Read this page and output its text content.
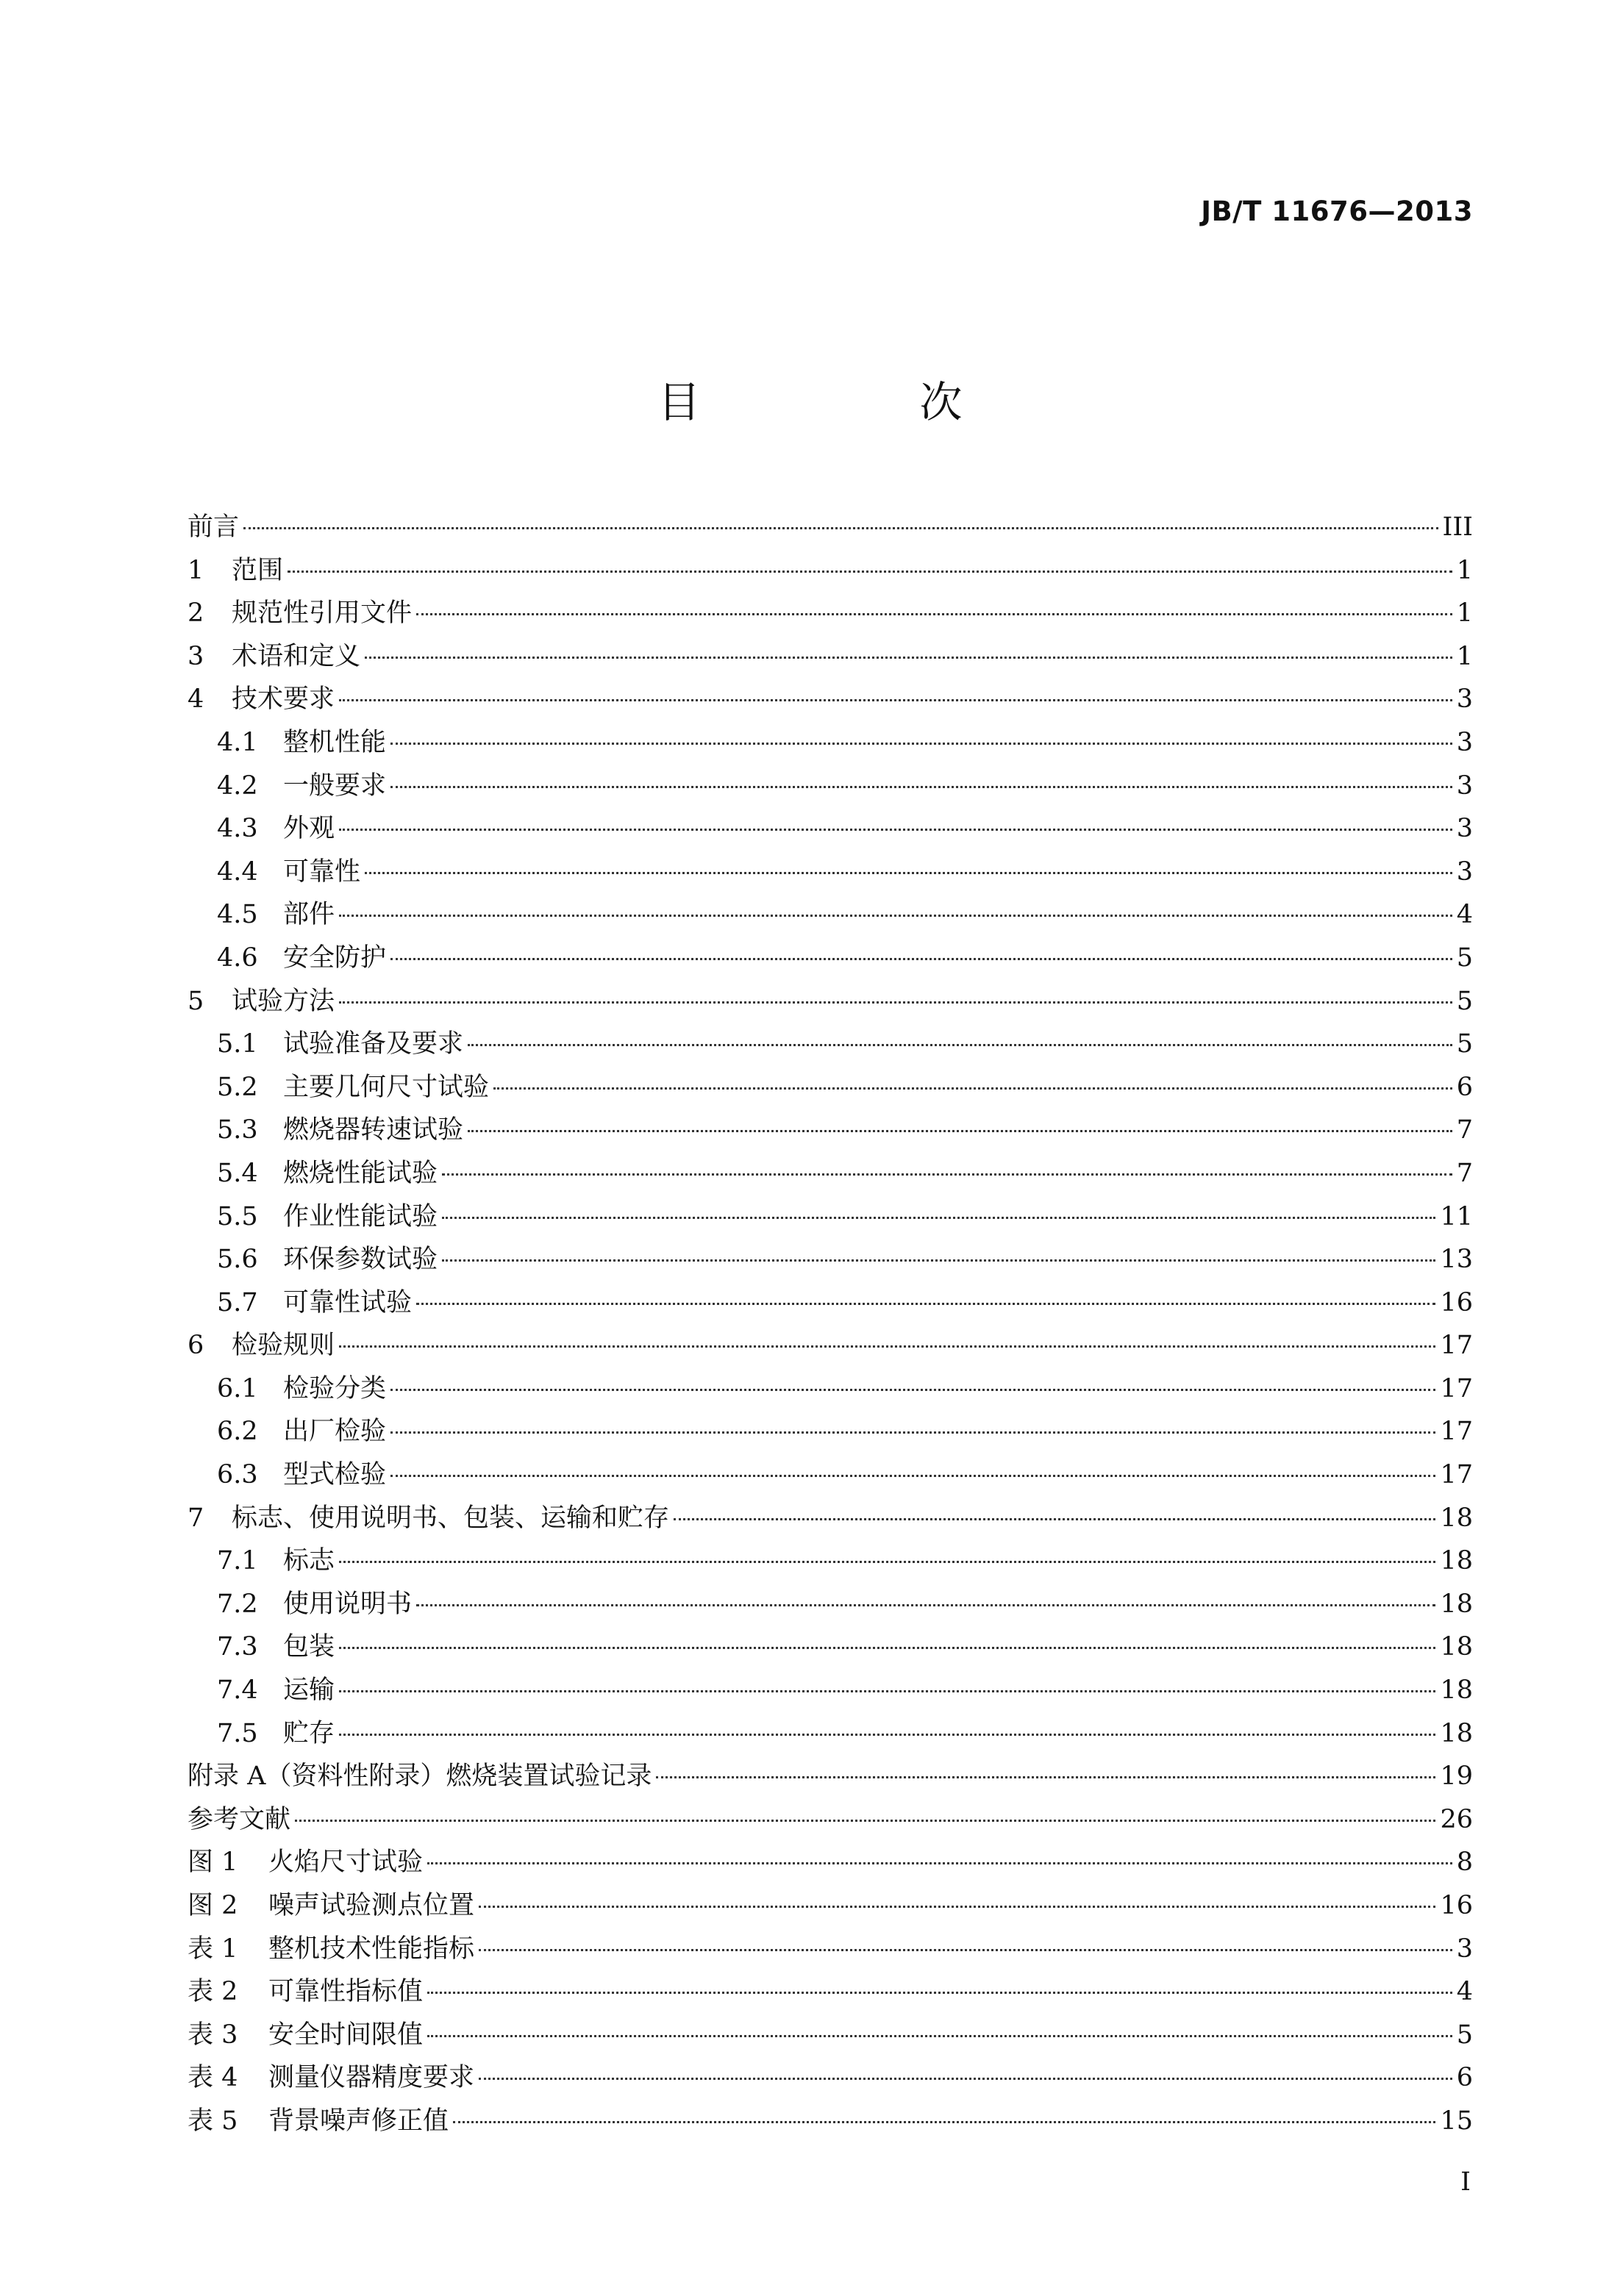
JB/T 11676—2013
目　次
前言	III
1	范围	1
2	规范性引用文件	1
3	术语和定义	1
4	技术要求	3
4.1 整机性能	3
4.2 一般要求	3
4.3 外观	3
4.4 可靠性	3
4.5 部件	4
4.6 安全防护	5
5	试验方法	5
5.1 试验准备及要求	5
5.2 主要几何尺寸试验	6
5.3 燃烧器转速试验	7
5.4 燃烧性能试验	7
5.5 作业性能试验	11
5.6 环保参数试验	13
5.7 可靠性试验	16
6	检验规则	17
6.1 检验分类	17
6.2 出厂检验	17
6.3 型式检验	17
7	标志、使用说明书、包装、运输和贮存	18
7.1 标志	18
7.2 使用说明书	18
7.3 包装	18
7.4 运输	18
7.5 贮存	18
附录 A（资料性附录）燃烧装置试验记录	19
参考文献	26
图 1	火焰尺寸试验	8
图 2	噪声试验测点位置	16
表 1	整机技术性能指标	3
表 2	可靠性指标值	4
表 3	安全时间限值	5
表 4	测量仪器精度要求	6
表 5	背景噪声修正值	15
I
